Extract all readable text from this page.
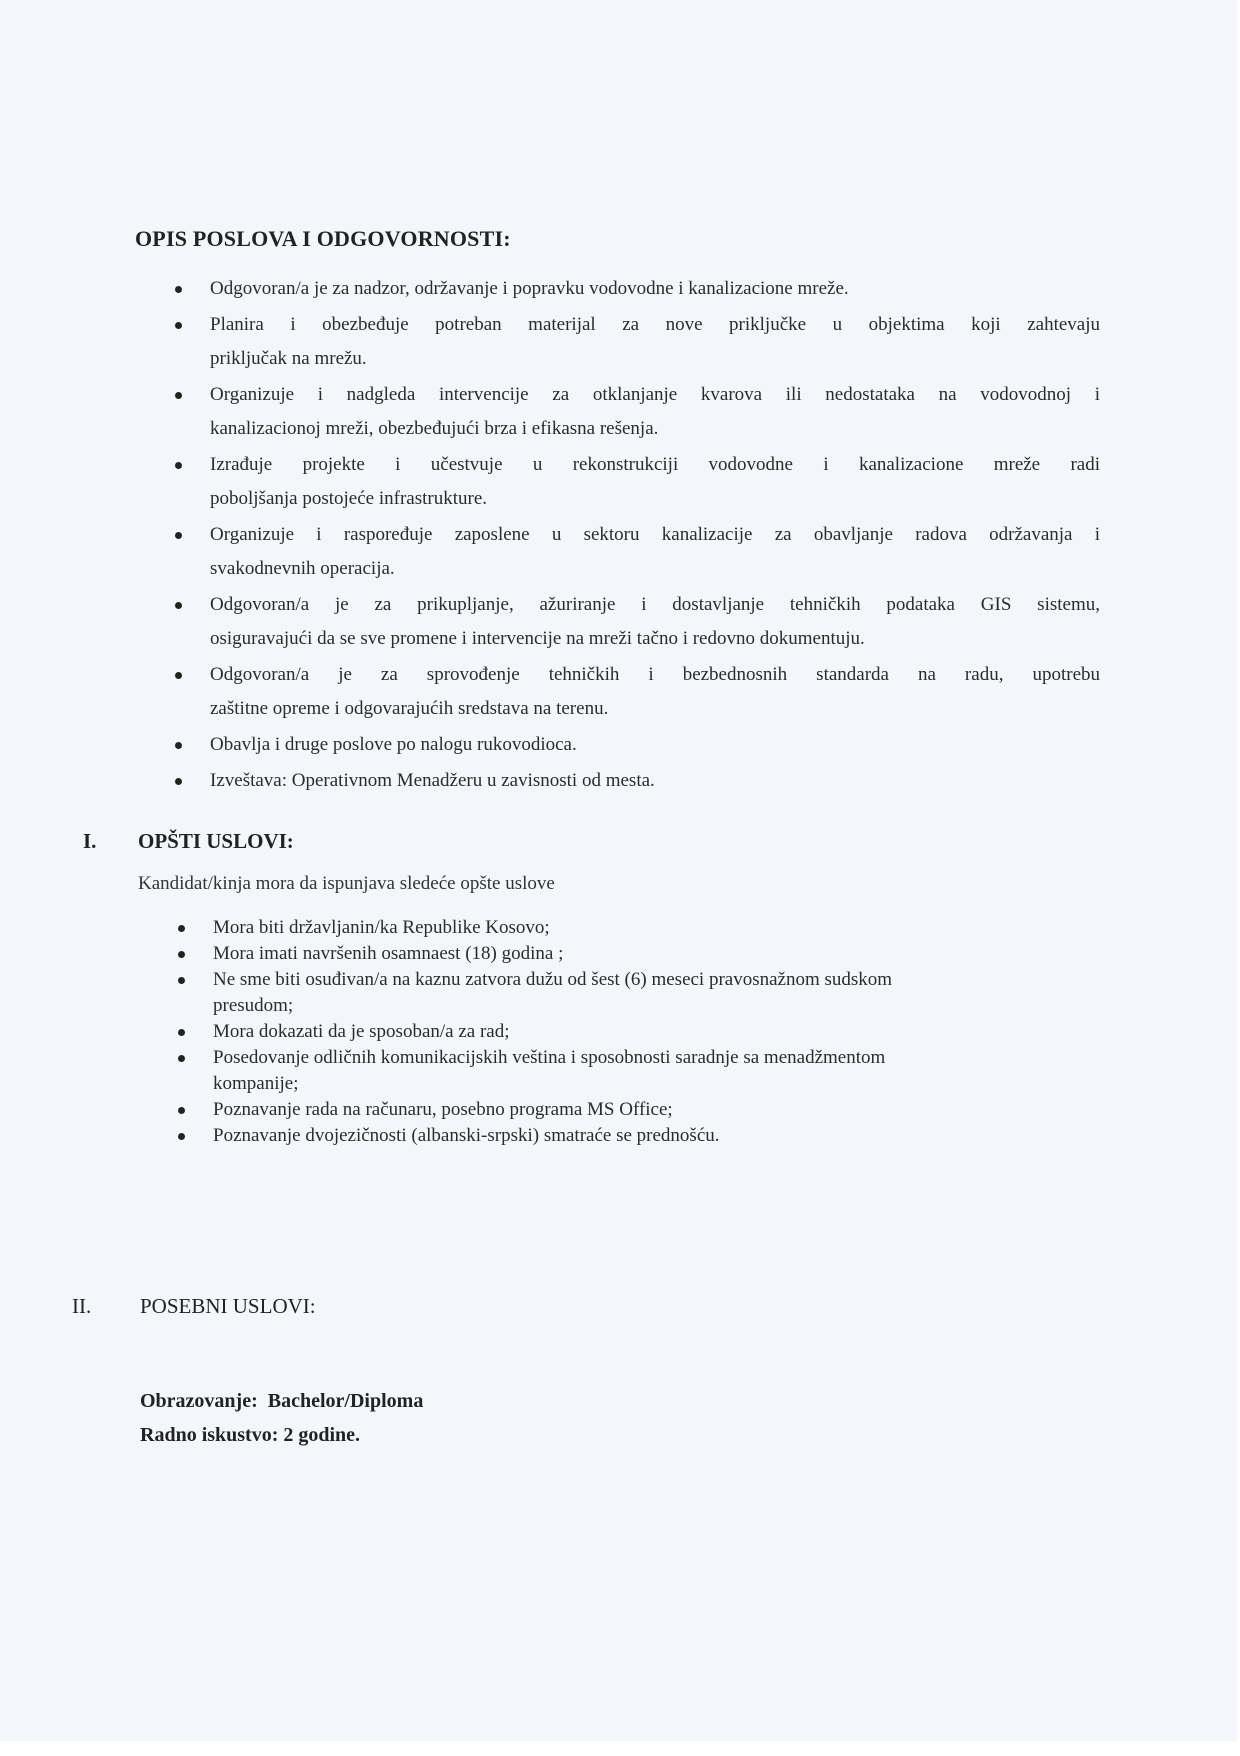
OPIS POSLOVA I ODGOVORNOSTI:
Odgovoran/a je za nadzor, održavanje i popravku vodovodne i kanalizacione mreže.
Planira i obezbeđuje potreban materijal za nove priključke u objektima koji zahtevaju
priključak na mrežu.
Organizuje i nadgleda intervencije za otklanjanje kvarova ili nedostataka na vodovodnoj i
kanalizacionoj mreži, obezbeđujući brza i efikasna rešenja.
Izrađuje projekte i učestvuje u rekonstrukciji vodovodne i kanalizacione mreže radi
poboljšanja postojeće infrastrukture.
Organizuje i raspoređuje zaposlene u sektoru kanalizacije za obavljanje radova održavanja i
svakodnevnih operacija.
Odgovoran/a je za prikupljanje, ažuriranje i dostavljanje tehničkih podataka GIS sistemu,
osiguravajući da se sve promene i intervencije na mreži tačno i redovno dokumentuju.
Odgovoran/a je za sprovođenje tehničkih i bezbednosnih standarda na radu, upotrebu
zaštitne opreme i odgovarajućih sredstava na terenu.
Obavlja i druge poslove po nalogu rukovodioca.
Izveštava: Operativnom Menadžeru u zavisnosti od mesta.
I. OPŠTI USLOVI:
Kandidat/kinja mora da ispunjava sledeće opšte uslove
Mora biti državljanin/ka Republike Kosovo;
Mora imati navršenih osamnaest (18) godina ;
Ne sme biti osuđivan/a na kaznu zatvora dužu od šest (6) meseci pravosnažnom sudskom
presudom;
Mora dokazati da je sposoban/a za rad;
Posedovanje odličnih komunikacijskih veština i sposobnosti saradnje sa menadžmentom
kompanije;
Poznavanje rada na računaru, posebno programa MS Office;
Poznavanje dvojezičnosti (albanski-srpski) smatraće se prednošću.
II. POSEBNI USLOVI:
Obrazovanje: Bachelor/Diploma
Radno iskustvo: 2 godine.
